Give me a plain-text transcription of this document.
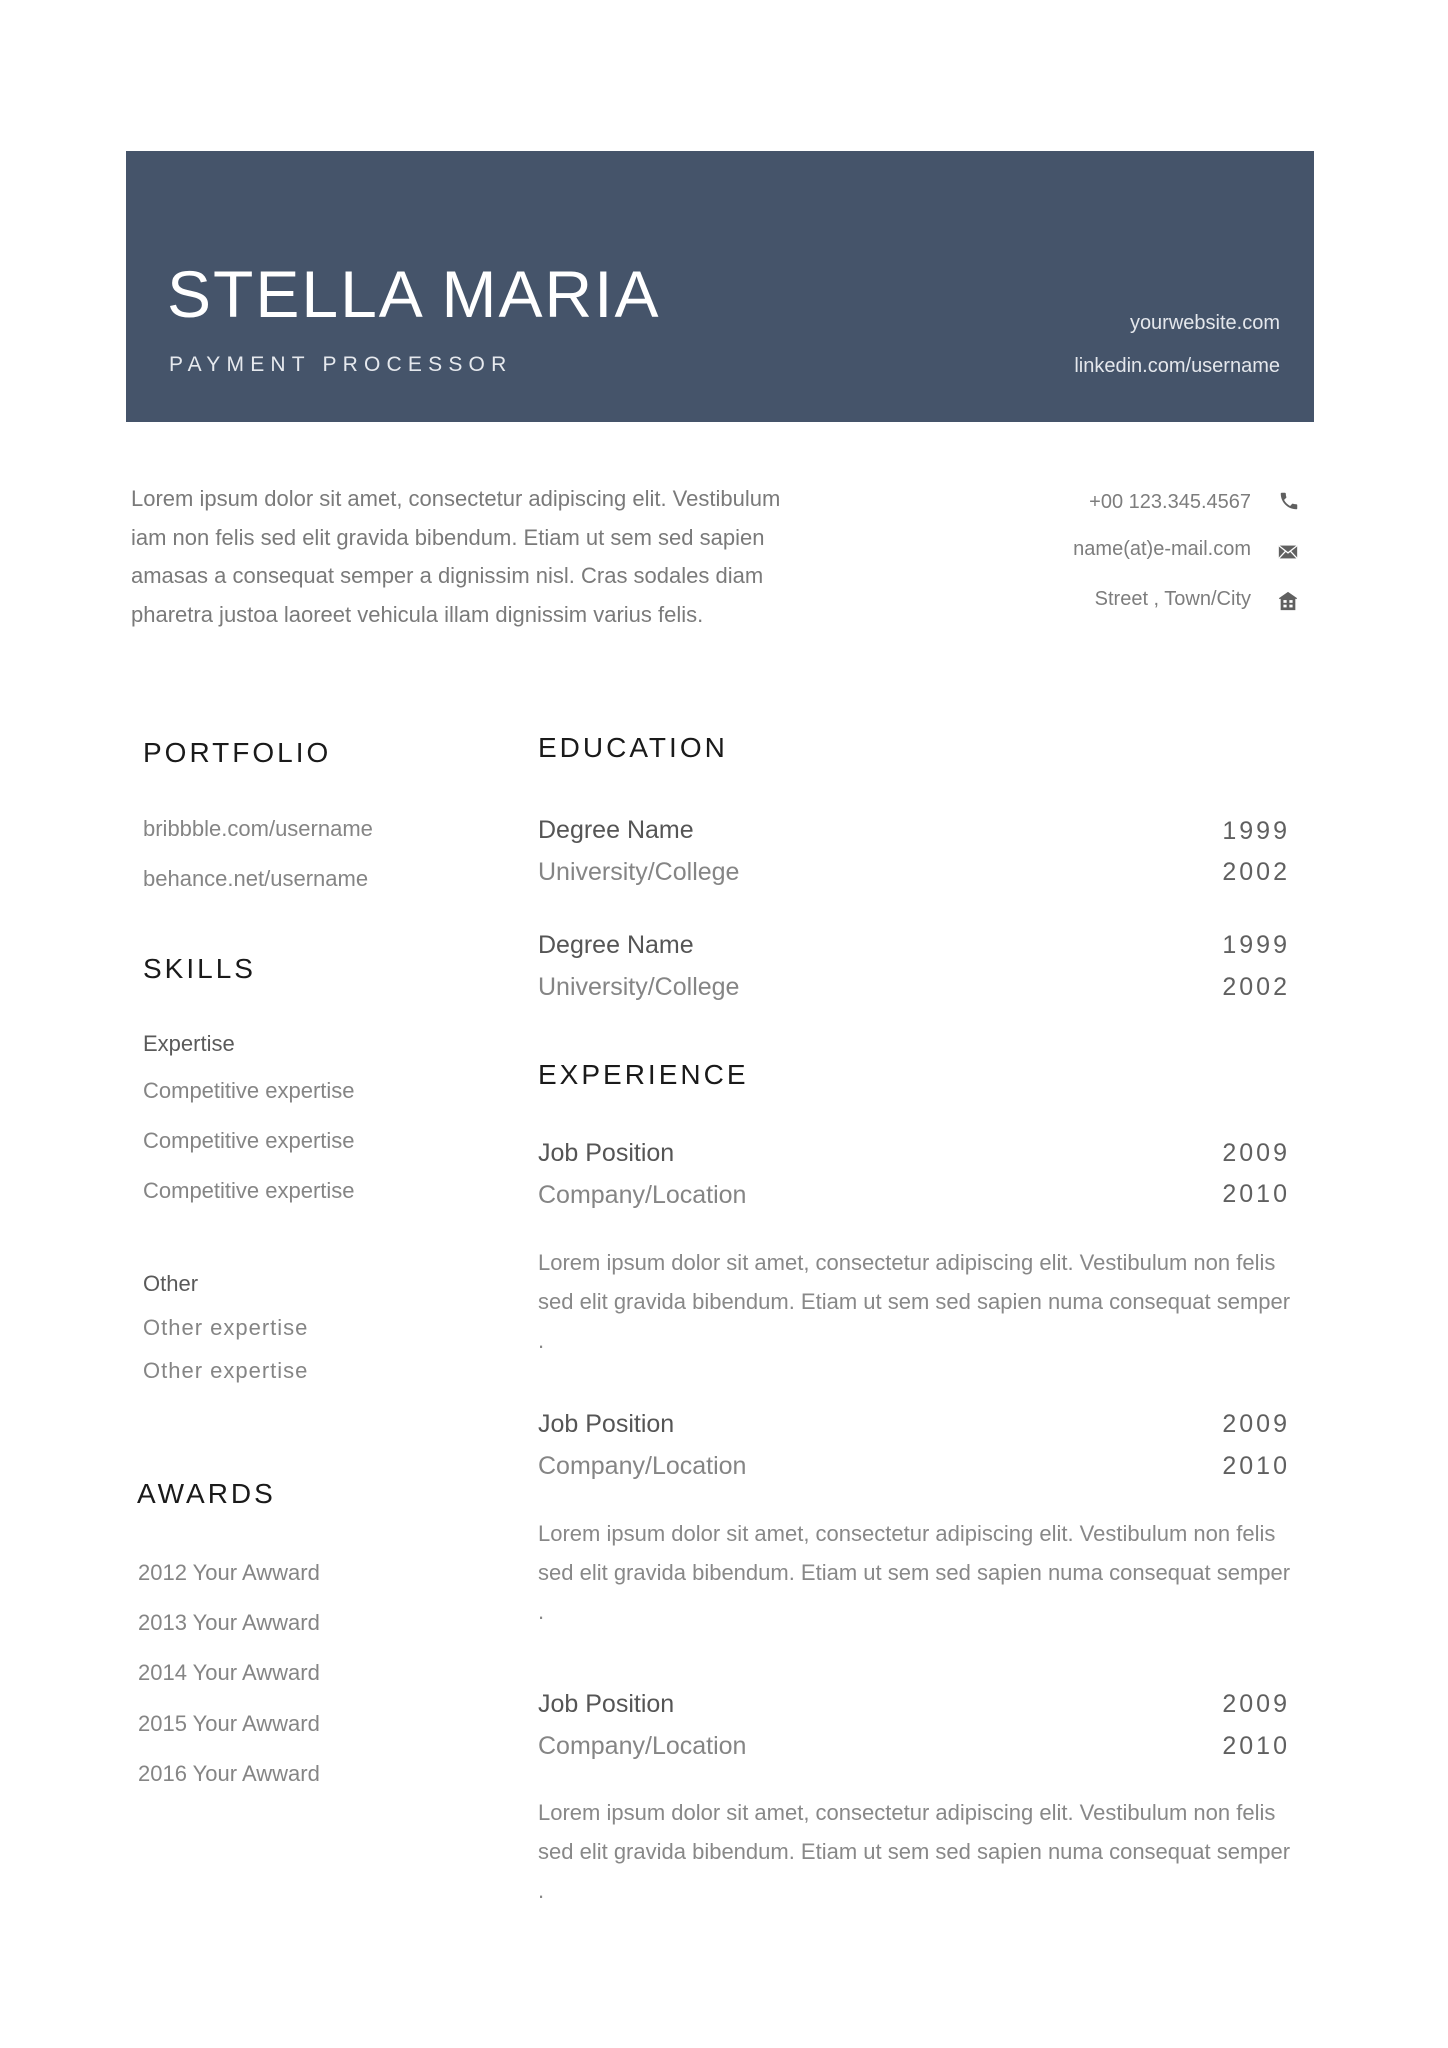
STELLA MARIA
PAYMENT PROCESSOR
yourwebsite.com
linkedin.com/username
Lorem ipsum dolor sit amet, consectetur adipiscing elit. Vestibulum
iam non felis sed elit gravida bibendum. Etiam ut sem sed sapien
amasas a consequat semper a dignissim nisl. Cras sodales diam
pharetra justoa laoreet vehicula illam dignissim varius felis.
+00 123.345.4567
name(at)e-mail.com
Street , Town/City
PORTFOLIO
bribbble.com/username
behance.net/username
SKILLS
Expertise
Competitive expertise
Competitive expertise
Competitive expertise
Other
Other expertise
Other expertise
AWARDS
2012 Your Awward
2013 Your Awward
2014 Your Awward
2015 Your Awward
2016 Your Awward
EDUCATION
Degree Name
University/College
1999
2002
Degree Name
University/College
1999
2002
EXPERIENCE
Job Position
Company/Location
2009
2010
Lorem ipsum dolor sit amet, consectetur adipiscing elit. Vestibulum non felis sed elit gravida bibendum. Etiam ut sem sed sapien numa consequat semper .
Job Position
Company/Location
2009
2010
Lorem ipsum dolor sit amet, consectetur adipiscing elit. Vestibulum non felis sed elit gravida bibendum. Etiam ut sem sed sapien numa consequat semper .
Job Position
Company/Location
2009
2010
Lorem ipsum dolor sit amet, consectetur adipiscing elit. Vestibulum non felis sed elit gravida bibendum. Etiam ut sem sed sapien numa consequat semper .
